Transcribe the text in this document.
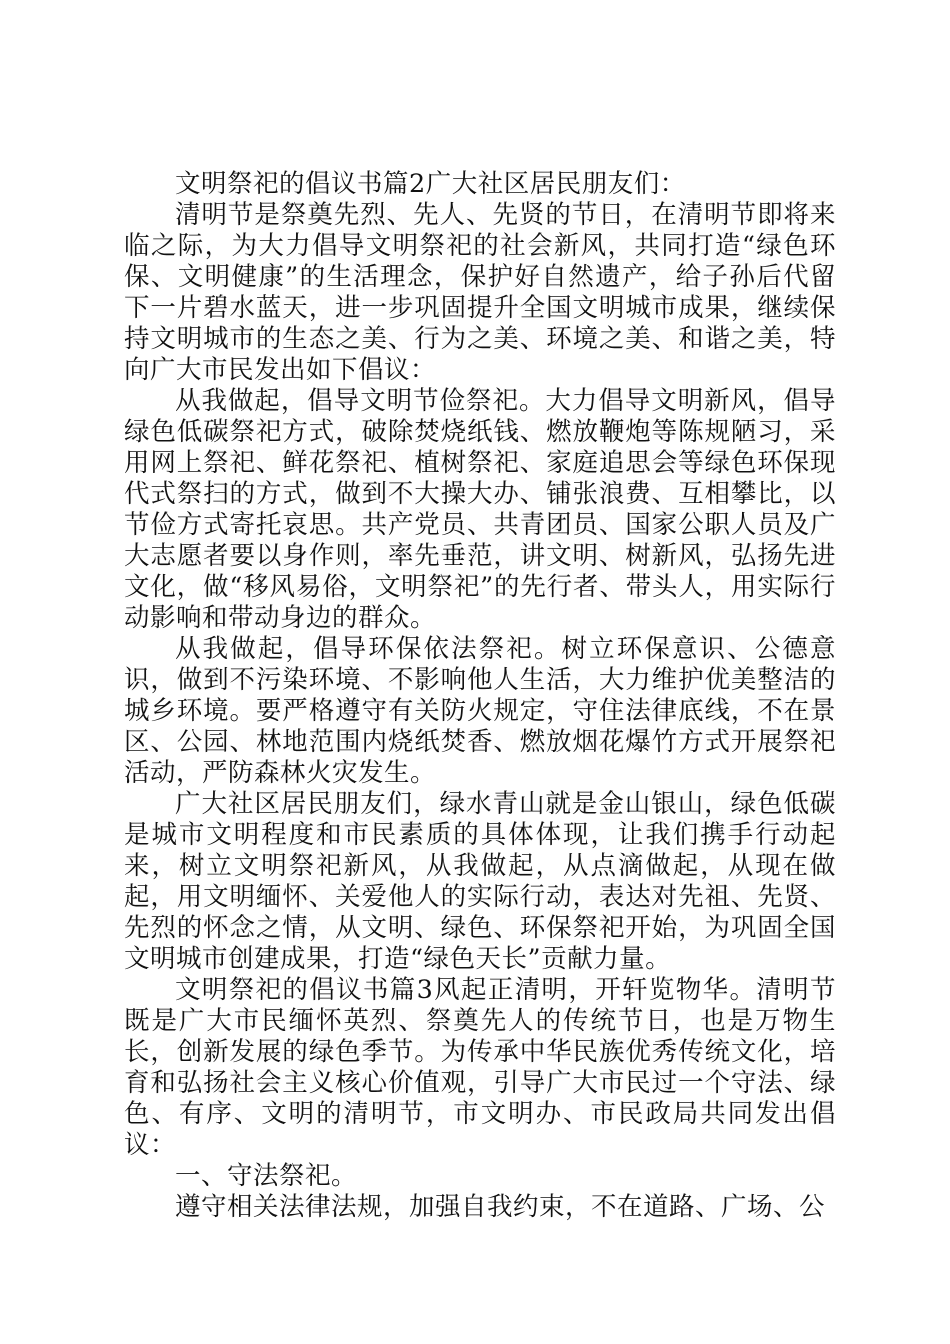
文明祭祀的倡议书篇2广大社区居民朋友们：

清明节是祭奠先烈、先人、先贤的节日，在清明节即将来临之际，为大力倡导文明祭祀的社会新风，共同打造“绿色环保、文明健康”的生活理念，保护好自然遗产，给子孙后代留下一片碧水蓝天，进一步巩固提升全国文明城市成果，继续保持文明城市的生态之美、行为之美、环境之美、和谐之美，特向广大市民发出如下倡议：

从我做起，倡导文明节俭祭祀。大力倡导文明新风，倡导绿色低碳祭祀方式，破除焚烧纸钱、燃放鞭炮等陈规陋习，采用网上祭祀、鲜花祭祀、植树祭祀、家庭追思会等绿色环保现代式祭扫的方式，做到不大操大办、铺张浪费、互相攀比，以节俭方式寄托哀思。共产党员、共青团员、国家公职人员及广大志愿者要以身作则，率先垂范，讲文明、树新风，弘扬先进文化，做“移风易俗，文明祭祀”的先行者、带头人，用实际行动影响和带动身边的群众。

从我做起，倡导环保依法祭祀。树立环保意识、公德意识，做到不污染环境、不影响他人生活，大力维护优美整洁的城乡环境。要严格遵守有关防火规定，守住法律底线，不在景区、公园、林地范围内烧纸焚香、燃放烟花爆竹方式开展祭祀活动，严防森林火灾发生。

广大社区居民朋友们，绿水青山就是金山银山，绿色低碳是城市文明程度和市民素质的具体体现，让我们携手行动起来，树立文明祭祀新风，从我做起，从点滴做起，从现在做起，用文明缅怀、关爱他人的实际行动，表达对先祖、先贤、先烈的怀念之情，从文明、绿色、环保祭祀开始，为巩固全国文明城市创建成果，打造“绿色天长”贡献力量。

文明祭祀的倡议书篇3风起正清明，开轩览物华。清明节既是广大市民缅怀英烈、祭奠先人的传统节日，也是万物生长，创新发展的绿色季节。为传承中华民族优秀传统文化，培育和弘扬社会主义核心价值观，引导广大市民过一个守法、绿色、有序、文明的清明节，市文明办、市民政局共同发出倡议：

一、守法祭祀。

遵守相关法律法规，加强自我约束，不在道路、广场、公
